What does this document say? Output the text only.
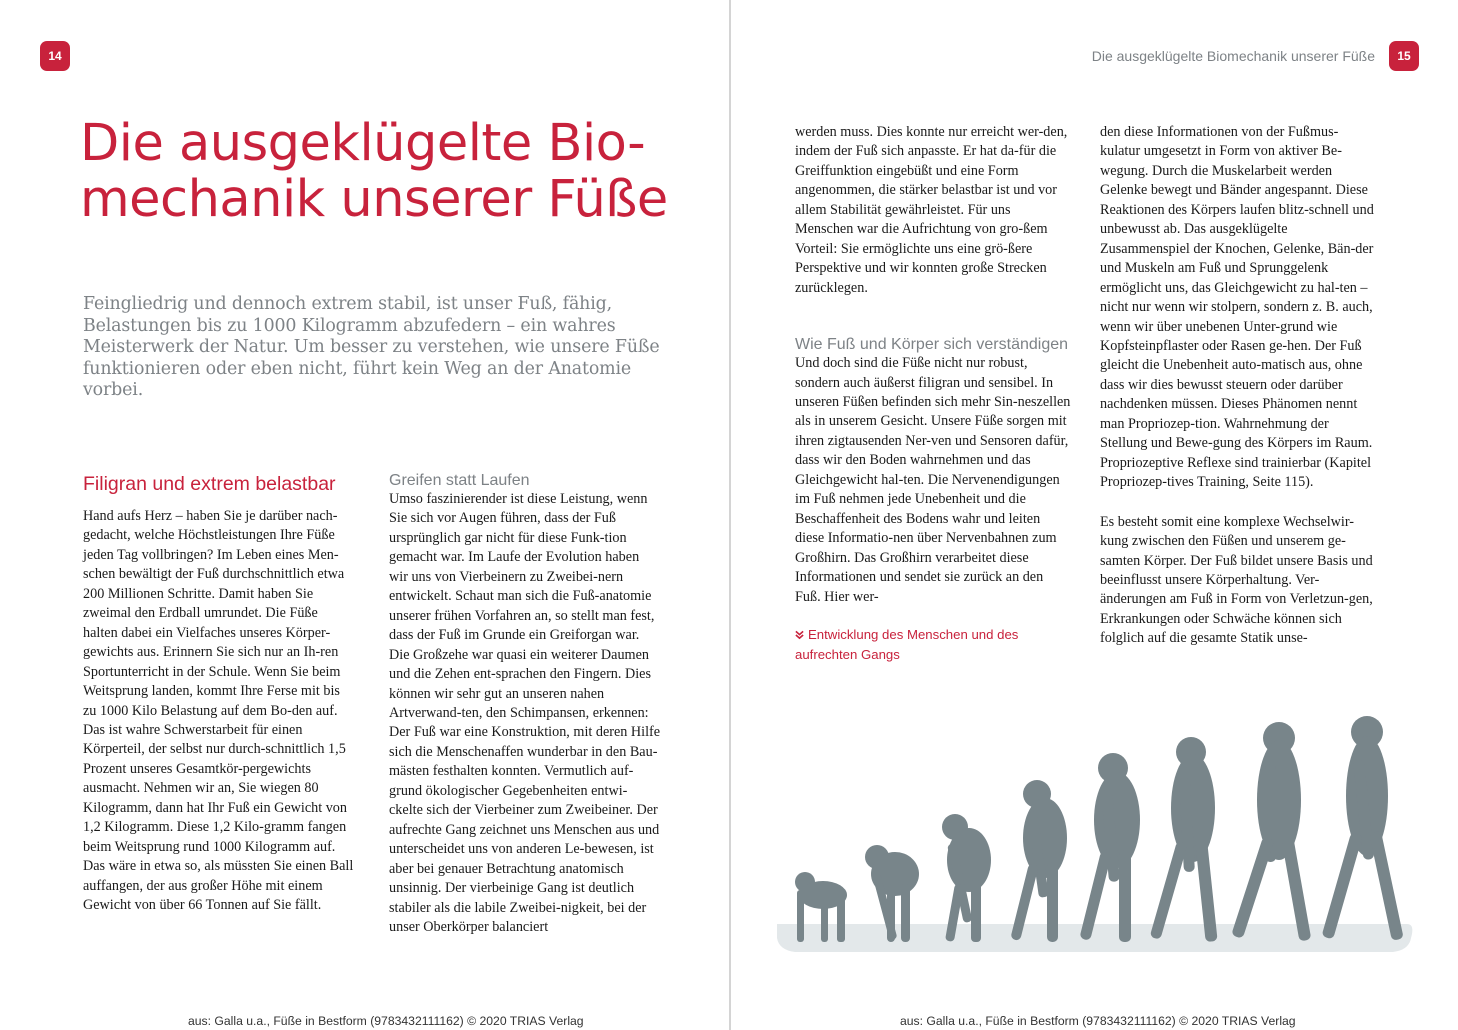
14
Die ausgeklügelte Bio-mechanik unserer Füße

Feingliedrig und dennoch extrem stabil, ist unser Fuß, fähig, Belastungen bis zu 1000 Kilogramm abzufedern – ein wahres Meisterwerk der Natur. Um besser zu verstehen, wie unsere Füße funktionieren oder eben nicht, führt kein Weg an der Anatomie vorbei.

Filigran und extrem belastbar

Hand aufs Herz – haben Sie je darüber nach-gedacht, welche Höchstleistungen Ihre Füße jeden Tag vollbringen? Im Leben eines Men-schen bewältigt der Fuß durchschnittlich etwa 200 Millionen Schritte. Damit haben Sie zweimal den Erdball umrundet. Die Füße halten dabei ein Vielfaches unseres Körper-gewichts aus. Erinnern Sie sich nur an Ih-ren Sportunterricht in der Schule. Wenn Sie beim Weitsprung landen, kommt Ihre Ferse mit bis zu 1000 Kilo Belastung auf dem Bo-den auf. Das ist wahre Schwerstarbeit für einen Körperteil, der selbst nur durch-schnittlich 1,5 Prozent unseres Gesamtkör-pergewichts ausmacht. Nehmen wir an, Sie wiegen 80 Kilogramm, dann hat Ihr Fuß ein Gewicht von 1,2 Kilogramm. Diese 1,2 Kilo-gramm fangen beim Weitsprung rund 1000 Kilogramm auf. Das wäre in etwa so, als müssten Sie einen Ball auffangen, der aus großer Höhe mit einem Gewicht von über 66 Tonnen auf Sie fällt.

Greifen statt Laufen

Umso faszinierender ist diese Leistung, wenn Sie sich vor Augen führen, dass der Fuß ursprünglich gar nicht für diese Funk-tion gemacht war. Im Laufe der Evolution haben wir uns von Vierbeinern zu Zweibei-nern entwickelt. Schaut man sich die Fuß-anatomie unserer frühen Vorfahren an, so stellt man fest, dass der Fuß im Grunde ein Greiforgan war. Die Großzehe war quasi ein weiterer Daumen und die Zehen ent-sprachen den Fingern. Dies können wir sehr gut an unseren nahen Artverwand-ten, den Schimpansen, erkennen: Der Fuß war eine Konstruktion, mit deren Hilfe sich die Menschenaffen wunderbar in den Bau-mästen festhalten konnten. Vermutlich auf-grund ökologischer Gegebenheiten entwi-ckelte sich der Vierbeiner zum Zweibeiner. Der aufrechte Gang zeichnet uns Menschen aus und unterscheidet uns von anderen Le-bewesen, ist aber bei genauer Betrachtung anatomisch unsinnig. Der vierbeinige Gang ist deutlich stabiler als die labile Zweibei-nigkeit, bei der unser Oberkörper balanciert

aus: Galla u.a., Füße in Bestform (9783432111162) © 2020 TRIAS Verlag
Die ausgeklügelte Biomechanik unserer Füße	15

werden muss. Dies konnte nur erreicht wer-den, indem der Fuß sich anpasste. Er hat da-für die Greiffunktion eingebüßt und eine Form angenommen, die stärker belastbar ist und vor allem Stabilität gewährleistet. Für uns Menschen war die Aufrichtung von gro-ßem Vorteil: Sie ermöglichte uns eine grö-ßere Perspektive und wir konnten große Strecken zurücklegen.

Wie Fuß und Körper sich verständigen

Und doch sind die Füße nicht nur robust, sondern auch äußerst filigran und sensibel. In unseren Füßen befinden sich mehr Sin-neszellen als in unserem Gesicht. Unsere Füße sorgen mit ihren zigtausenden Ner-ven und Sensoren dafür, dass wir den Boden wahrnehmen und das Gleichgewicht hal-ten. Die Nervenendigungen im Fuß nehmen jede Unebenheit und die Beschaffenheit des Bodens wahr und leiten diese Informatio-nen über Nervenbahnen zum Großhirn. Das Großhirn verarbeitet diese Informationen und sendet sie zurück an den Fuß. Hier wer-

Entwicklung des Menschen und des aufrechten Gangs

den diese Informationen von der Fußmus-kulatur umgesetzt in Form von aktiver Be-wegung. Durch die Muskelarbeit werden Gelenke bewegt und Bänder angespannt. Diese Reaktionen des Körpers laufen blitz-schnell und unbewusst ab. Das ausgeklügelte Zusammenspiel der Knochen, Gelenke, Bän-der und Muskeln am Fuß und Sprunggelenk ermöglicht uns, das Gleichgewicht zu hal-ten – nicht nur wenn wir stolpern, sondern z. B. auch, wenn wir über unebenen Unter-grund wie Kopfsteinpflaster oder Rasen ge-hen. Der Fuß gleicht die Unebenheit auto-matisch aus, ohne dass wir dies bewusst steuern oder darüber nachdenken müssen. Dieses Phänomen nennt man Propriozep-tion. Wahrnehmung der Stellung und Bewe-gung des Körpers im Raum. Propriozeptive Reflexe sind trainierbar (Kapitel Propriozep-tives Training, Seite 115).

Es besteht somit eine komplexe Wechselwir-kung zwischen den Füßen und unserem ge-samten Körper. Der Fuß bildet unsere Basis und beeinflusst unsere Körperhaltung. Ver-änderungen am Fuß in Form von Verletzun-gen, Erkrankungen oder Schwäche können sich folglich auf die gesamte Statik unse-

aus: Galla u.a., Füße in Bestform (9783432111162) © 2020 TRIAS Verlag
